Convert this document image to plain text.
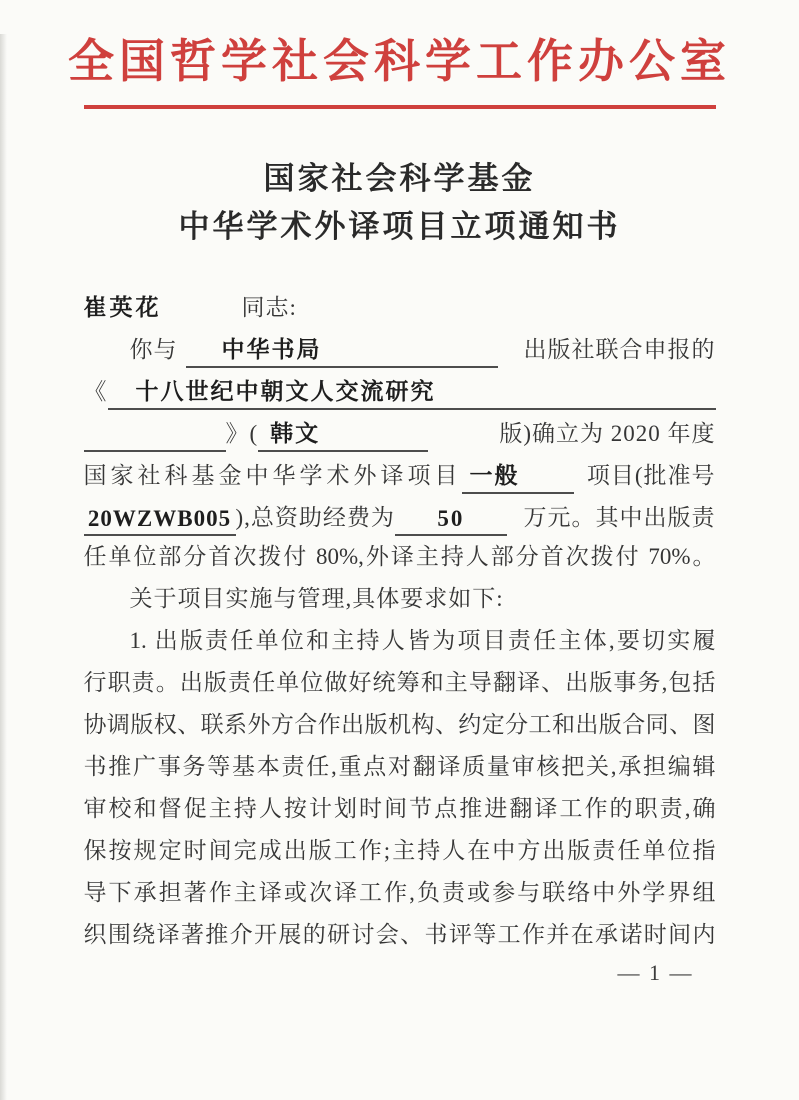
全国哲学社会科学工作办公室
国家社会科学基金
中华学术外译项目立项通知书
崔英花	同志:
你与	中华书局	出版社联合申报的
《	十八世纪中朝文人交流研究
》( 韩文	版)确立为 2020 年度
国家社科基金中华学术外译项目 一般	项目(批准号
20WZWB005 ),总资助经费为	50	万元。其中出版责
任单位部分首次拨付 80%,外译主持人部分首次拨付 70%。
关于项目实施与管理,具体要求如下:
1. 出版责任单位和主持人皆为项目责任主体,要切实履
行职责。出版责任单位做好统筹和主导翻译、出版事务,包括
协调版权、联系外方合作出版机构、约定分工和出版合同、图
书推广事务等基本责任,重点对翻译质量审核把关,承担编辑
审校和督促主持人按计划时间节点推进翻译工作的职责,确
保按规定时间完成出版工作;主持人在中方出版责任单位指
导下承担著作主译或次译工作,负责或参与联络中外学界组
织围绕译著推介开展的研讨会、书评等工作并在承诺时间内
— 1 —
